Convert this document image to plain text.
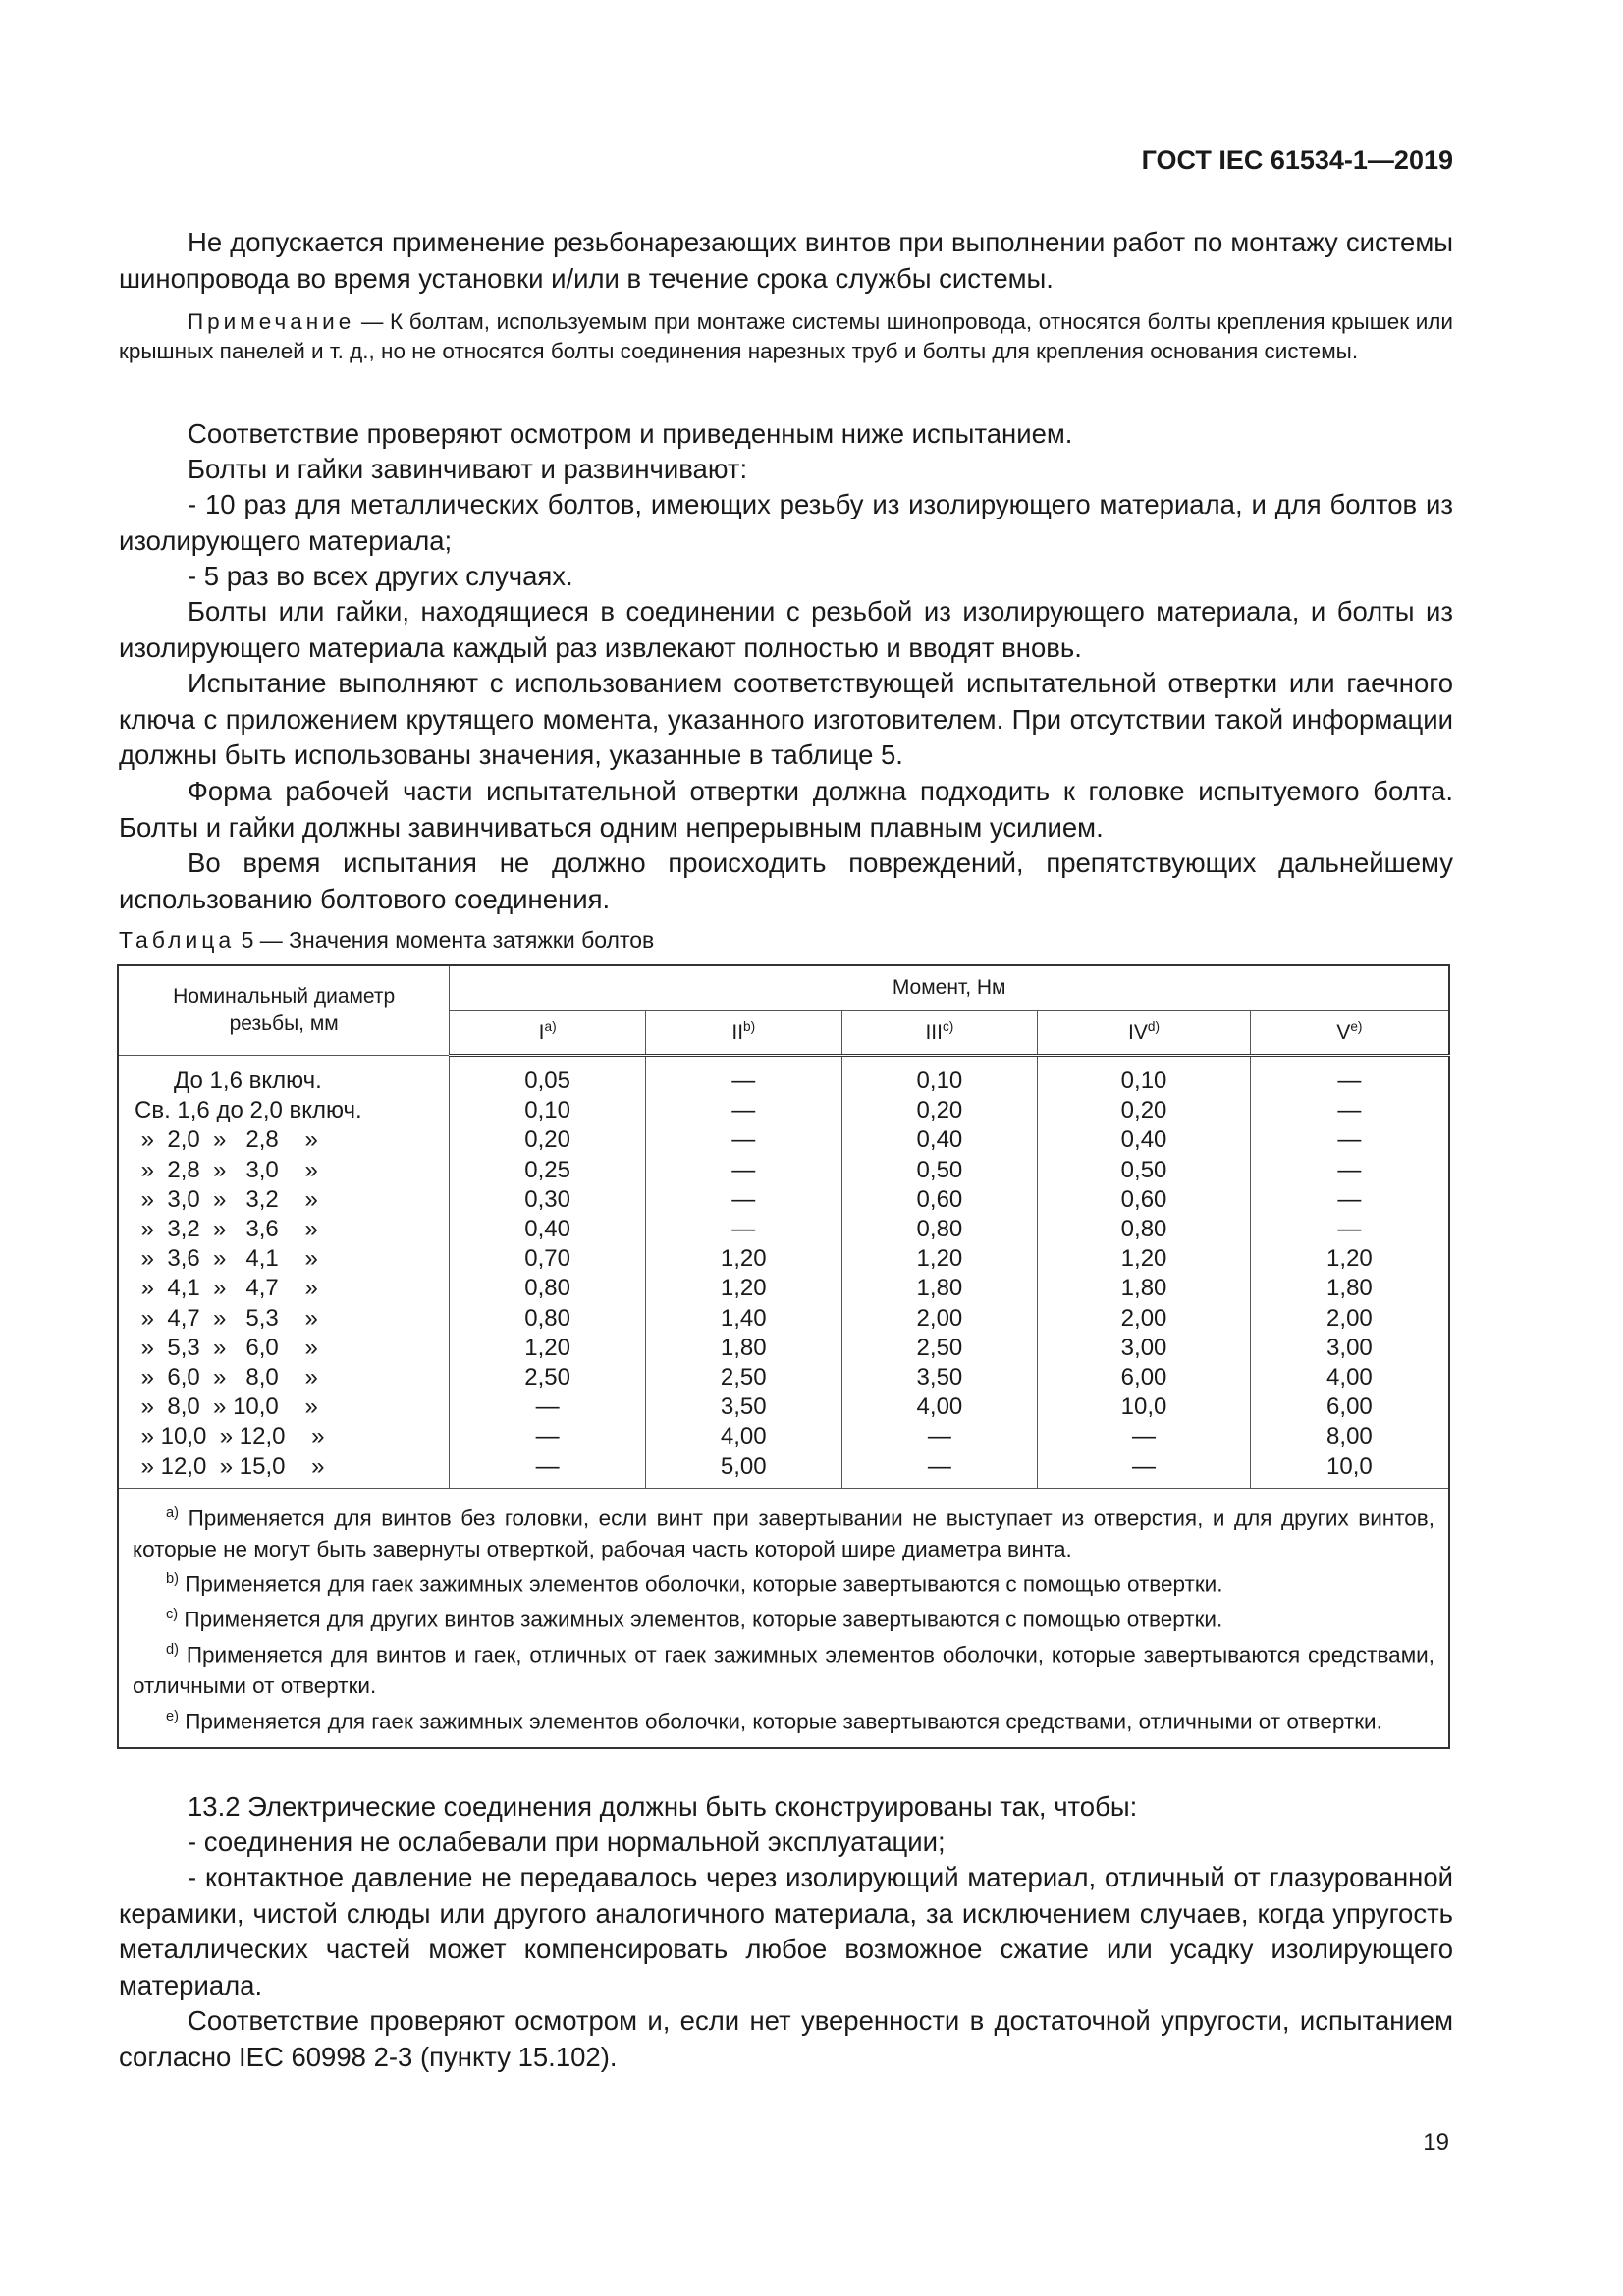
ГОСТ IEC 61534-1—2019
Не допускается применение резьбонарезающих винтов при выполнении работ по монтажу системы шинопровода во время установки и/или в течение срока службы системы.
Примечание — К болтам, используемым при монтаже системы шинопровода, относятся болты крепления крышек или крышных панелей и т. д., но не относятся болты соединения нарезных труб и болты для крепления основания системы.
Соответствие проверяют осмотром и приведенным ниже испытанием.
Болты и гайки завинчивают и развинчивают:
- 10 раз для металлических болтов, имеющих резьбу из изолирующего материала, и для болтов из изолирующего материала;
- 5 раз во всех других случаях.
Болты или гайки, находящиеся в соединении с резьбой из изолирующего материала, и болты из изолирующего материала каждый раз извлекают полностью и вводят вновь.
Испытание выполняют с использованием соответствующей испытательной отвертки или гаечного ключа с приложением крутящего момента, указанного изготовителем. При отсутствии такой информации должны быть использованы значения, указанные в таблице 5.
Форма рабочей части испытательной отвертки должна подходить к головке испытуемого болта. Болты и гайки должны завинчиваться одним непрерывным плавным усилием.
Во время испытания не должно происходить повреждений, препятствующих дальнейшему использованию болтового соединения.
Таблица 5 — Значения момента затяжки болтов
Номинальный диаметр резьбы, мм	Момент, Нм				
	$I^{a)}$	II$^{b)}$	III$^{c)}$	IV$^{d)}$	$V^{e)}$
До 1,6 включ.	0,05	—	0,10	0,10	—
Св. 1,6 до 2,0 включ.	0,10	—	0,20	0,20	—
»  2,0  »   2,8    »	0,20	—	0,40	0,40	—
»  2,8  »   3,0    »	0,25	—	0,50	0,50	—
»  3,0  »   3,2    »	0,30	—	0,60	0,60	—
»  3,2  »   3,6    »	0,40	—	0,80	0,80	—
»  3,6  »   4,1    »	0,70	1,20	1,20	1,20	1,20
»  4,1  »   4,7    »	0,80	1,20	1,80	1,80	1,80
»  4,7  »   5,3    »	0,80	1,40	2,00	2,00	2,00
»  5,3  »   6,0    »	1,20	1,80	2,50	3,00	3,00
»  6,0  »   8,0    »	2,50	2,50	3,50	6,00	4,00
»  8,0  » 10,0    »	—	3,50	4,00	10,0	6,00
» 10,0  » 12,0    »	—	4,00	—	—	8,00
» 12,0  » 15,0    »	—	5,00	—	—	10,0

$^{a)}$ Применяется для винтов без головки, если винт при завертывании не выступает из отверстия, и для других винтов, которые не могут быть завернуты отверткой, рабочая часть которой шире диаметра винта.
$^{b)}$ Применяется для гаек зажимных элементов оболочки, которые завертываются с помощью отвертки.
$^{c)}$ Применяется для других винтов зажимных элементов, которые завертываются с помощью отвертки.
$^{d)}$ Применяется для винтов и гаек, отличных от гаек зажимных элементов оболочки, которые завертываются средствами, отличными от отвертки.
$^{e)}$ Применяется для гаек зажимных элементов оболочки, которые завертываются средствами, отличными от отвертки.					
13.2 Электрические соединения должны быть сконструированы так, чтобы:
- соединения не ослабевали при нормальной эксплуатации;
- контактное давление не передавалось через изолирующий материал, отличный от глазурованной керамики, чистой слюды или другого аналогичного материала, за исключением случаев, когда упругость металлических частей может компенсировать любое возможное сжатие или усадку изолирующего материала.
Соответствие проверяют осмотром и, если нет уверенности в достаточной упругости, испытанием согласно IEC 60998 2-3 (пункту 15.102).
19
